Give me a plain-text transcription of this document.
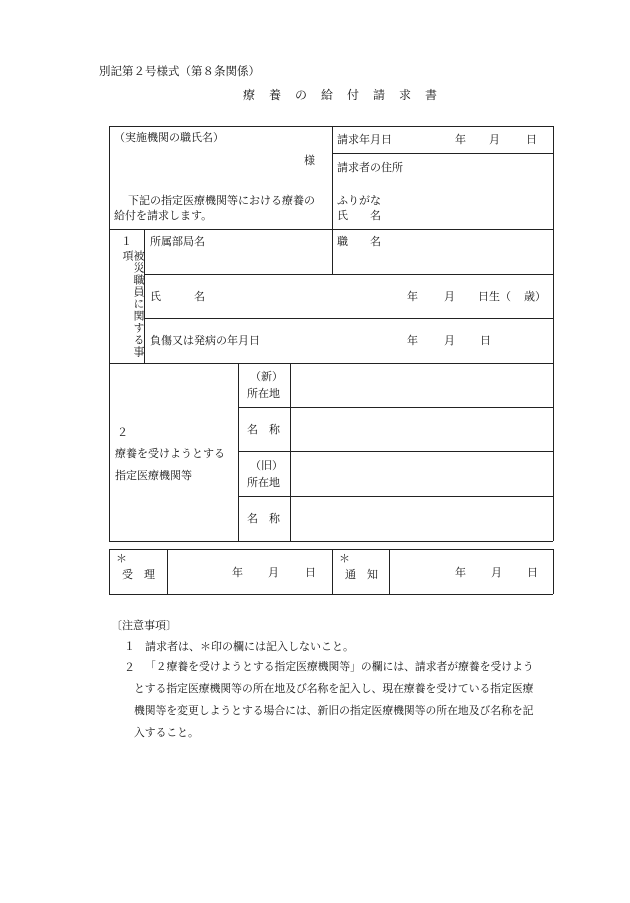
別記第２号様式（第８条関係）
療　養　の　給　付　請　求　書
（実施機関の職氏名）
様
下記の指定医療機関等における療養の
給付を請求します。
請求年月日	年 月 日
請求者の住所
ふりがな
氏　　名
１
被災職員に関する事項
所属部局名	職　　名
氏　　　名	年 月 日生（ 歳）
負傷又は発病の年月日	年 月 日
２
療養を受けようとする
指定医療機関等
（新）
所在地
名　称
（旧）
所在地
名　称
＊
受　理	年 月 日
＊
通　知	年 月 日
〔注意事項〕
１ 請求者は、＊印の欄には記入しないこと。
２ 「２療養を受けようとする指定医療機関等」の欄には、請求者が療養を受けよう
とする指定医療機関等の所在地及び名称を記入し、現在療養を受けている指定医療
機関等を変更しようとする場合には、新旧の指定医療機関等の所在地及び名称を記
入すること。
